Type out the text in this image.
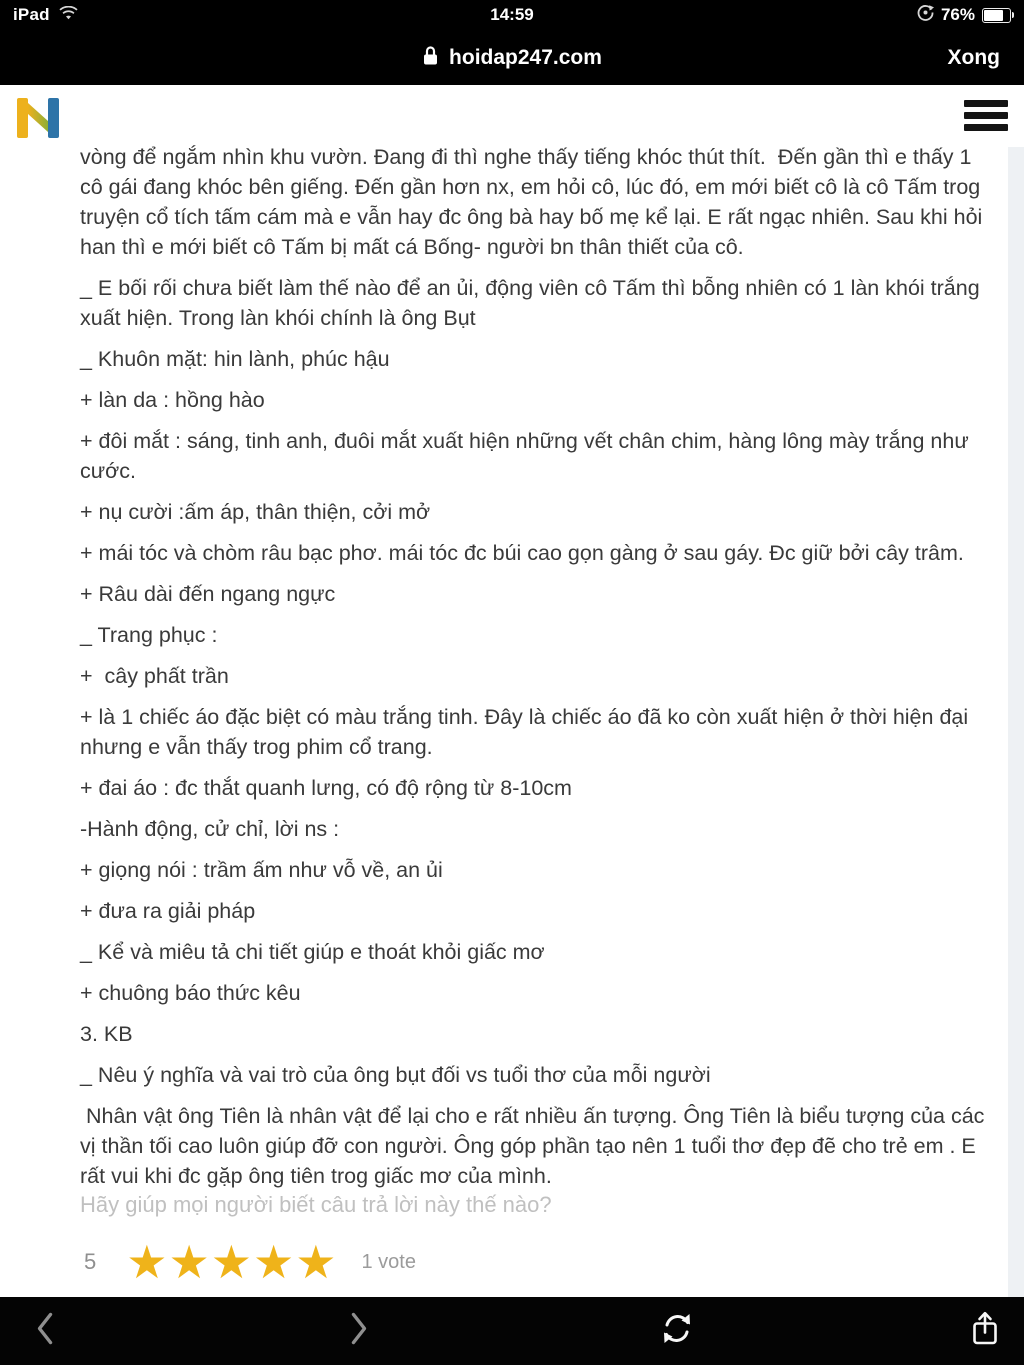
iPad	14:59	76%
hoidap247.com	Xong

vòng để ngắm nhìn khu vườn. Đang đi thì nghe thấy tiếng khóc thút thít.  Đến gần thì e thấy 1 cô gái đang khóc bên giếng. Đến gần hơn nx, em hỏi cô, lúc đó, em mới biết cô là cô Tấm trog truyện cổ tích tấm cám mà e vẫn hay đc ông bà hay bố mẹ kể lại. E rất ngạc nhiên. Sau khi hỏi han thì e mới biết cô Tấm bị mất cá Bống- người bn thân thiết của cô.

_ E bối rối chưa biết làm thế nào để an ủi, động viên cô Tấm thì bỗng nhiên có 1 làn khói trắng xuất hiện. Trong làn khói chính là ông Bụt

_ Khuôn mặt: hin lành, phúc hậu

+ làn da : hồng hào

+ đôi mắt : sáng, tinh anh, đuôi mắt xuất hiện những vết chân chim, hàng lông mày trắng như cước.

+ nụ cười :ấm áp, thân thiện, cởi mở

+ mái tóc và chòm râu bạc phơ. mái tóc đc búi cao gọn gàng ở sau gáy. Đc giữ bởi cây trâm.

+ Râu dài đến ngang ngực

_ Trang phục :

+  cây phất trần

+ là 1 chiếc áo đặc biệt có màu trắng tinh. Đây là chiếc áo đã ko còn xuất hiện ở thời hiện đại nhưng e vẫn thấy trog phim cổ trang.

+ đai áo : đc thắt quanh lưng, có độ rộng từ 8-10cm

-Hành động, cử chỉ, lời ns :

+ giọng nói : trầm ấm như vỗ về, an ủi

+ đưa ra giải pháp

_ Kể và miêu tả chi tiết giúp e thoát khỏi giấc mơ

+ chuông báo thức kêu

3. KB

_ Nêu ý nghĩa và vai trò của ông bụt đối vs tuổi thơ của mỗi người

Nhân vật ông Tiên là nhân vật để lại cho e rất nhiều ấn tượng. Ông Tiên là biểu tượng của các vị thần tối cao luôn giúp đỡ con người. Ông góp phần tạo nên 1 tuổi thơ đẹp đẽ cho trẻ em . E rất vui khi đc gặp ông tiên trog giấc mơ của mình.

Hãy giúp mọi người biết câu trả lời này thế nào?
5 ★ ★ ★ ★ ★ 1 vote
